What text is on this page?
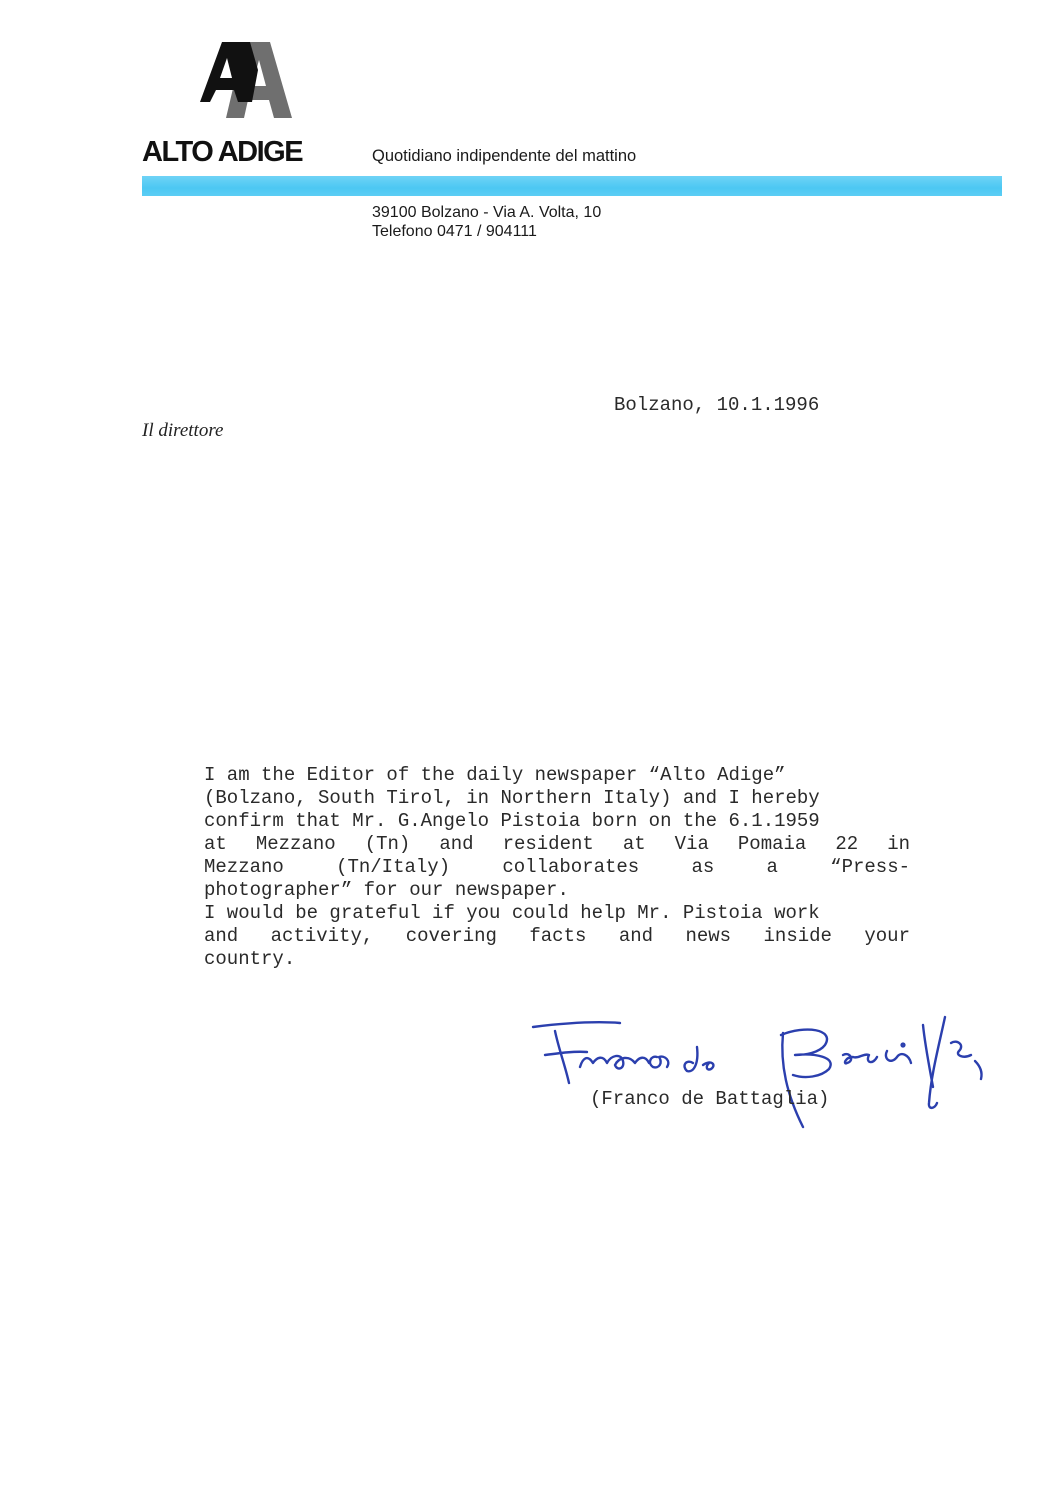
ALTO ADIGE	Quotidiano indipendente del mattino
39100 Bolzano - Via A. Volta, 10
Telefono 0471 / 904111
Bolzano, 10.1.1996
Il direttore
I am the Editor of the daily newspaper “Alto Adige”
(Bolzano, South Tirol, in Northern Italy) and I hereby
confirm that Mr. G.Angelo Pistoia born on the 6.1.1959
at Mezzano (Tn) and resident at Via Pomaia 22 in
Mezzano (Tn/Italy) collaborates as a “Press-
photographer” for our newspaper.
I would be grateful if you could help Mr. Pistoia work
and activity, covering facts and news inside your
country.
(Franco de Battaglia)
